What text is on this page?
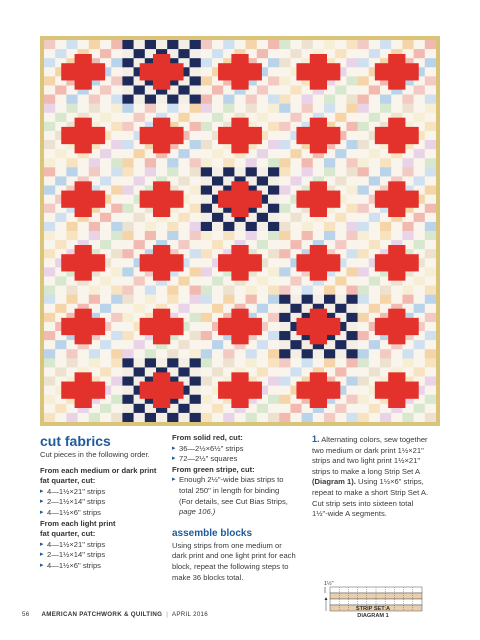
cut fabrics

Cut pieces in the following order.

From each medium or dark print

fat quarter, cut:

▸ 4—1½×21" strips
▸ 2—1½×14" strips
▸ 4—1½×6" strips

From each light print

fat quarter, cut:

▸ 4—1½×21" strips
▸ 2—1½×14" strips
▸ 4—1½×6" strips

From solid red, cut:

▸ 36—2½×6½" strips
▸ 72—2½" squares

From green stripe, cut:

▸ Enough 2½"-wide bias strips to
total 250" in length for binding
(For details, see Cut Bias Strips,
page 106.)
assemble blocks

Using strips from one medium or

dark print and one light print for each

block, repeat the following steps to

make 36 blocks total.

1. Alternating colors, sew together

two medium or dark print 1½×21"

strips and two light print 1½×21"

strips to make a long Strip Set A

(Diagram 1). Using 1½×6" strips,

repeat to make a short Strip Set A.

Cut strip sets into sixteen total

1½"-wide A segments.

1½"
STRIP SET A
DIAGRAM 1
56 AMERICAN PATCHWORK & QUILTING | APRIL 2016
